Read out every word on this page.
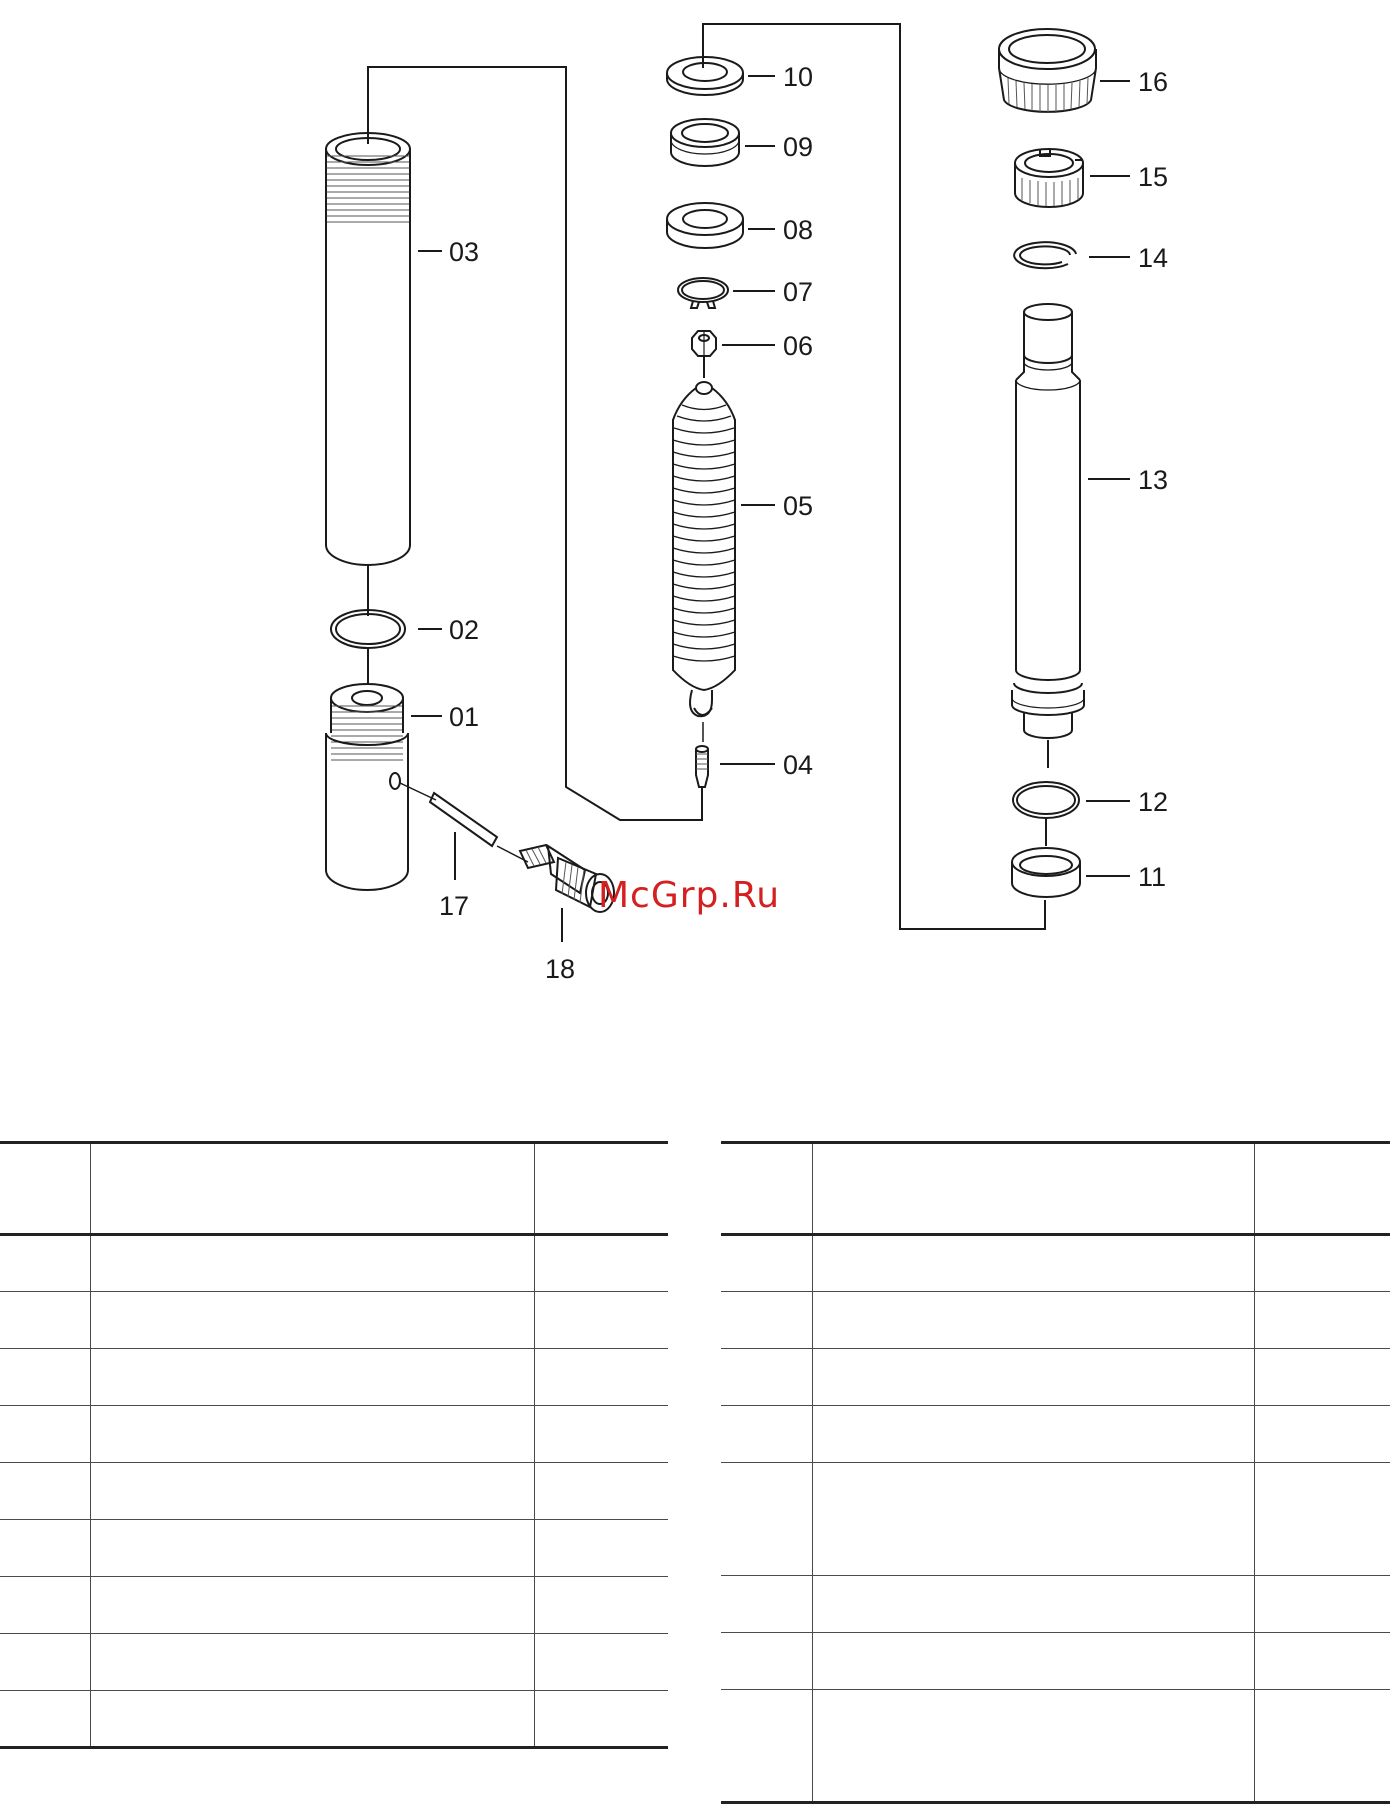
03
02
01
17
18
10
09
08
07
06
05
04
16
15
14
13
12
11
McGrp.Ru
